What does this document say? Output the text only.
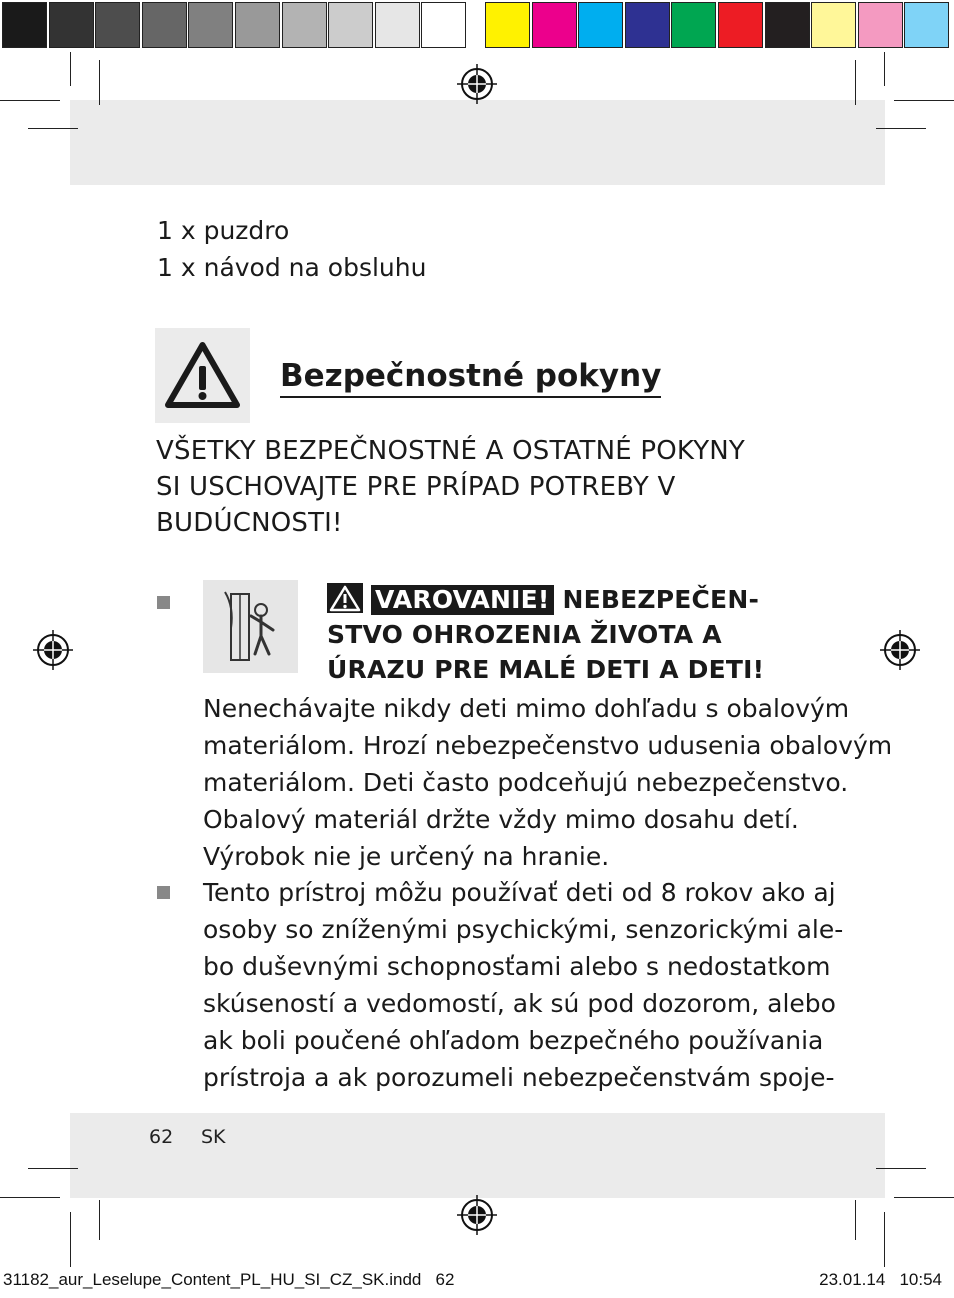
1 x puzdro
1 x návod na obsluhu
Bezpečnostné pokyny
VŠETKY BEZPEČNOSTNÉ A OSTATNÉ POKYNY
SI USCHOVAJTE PRE PRÍPAD POTREBY V
BUDÚCNOSTI!
VAROVANIE! NEBEZPEČEN-
STVO OHROZENIA ŽIVOTA A
ÚRAZU PRE MALÉ DETI A DETI!
Nenechávajte nikdy deti mimo dohľadu s obalovým
materiálom. Hrozí nebezpečenstvo udusenia obalovým
materiálom. Deti často podceňujú nebezpečenstvo.
Obalový materiál držte vždy mimo dosahu detí.
Výrobok nie je určený na hranie.
Tento prístroj môžu používať deti od 8 rokov ako aj
osoby so zníženými psychickými, senzorickými ale-
bo duševnými schopnosťami alebo s nedostatkom
skúseností a vedomostí, ak sú pod dozorom, alebo
ak boli poučené ohľadom bezpečného používania
prístroja a ak porozumeli nebezpečenstvám spoje-
62 SK
31182_aur_Leselupe_Content_PL_HU_SI_CZ_SK.indd   62	23.01.14   10:54
